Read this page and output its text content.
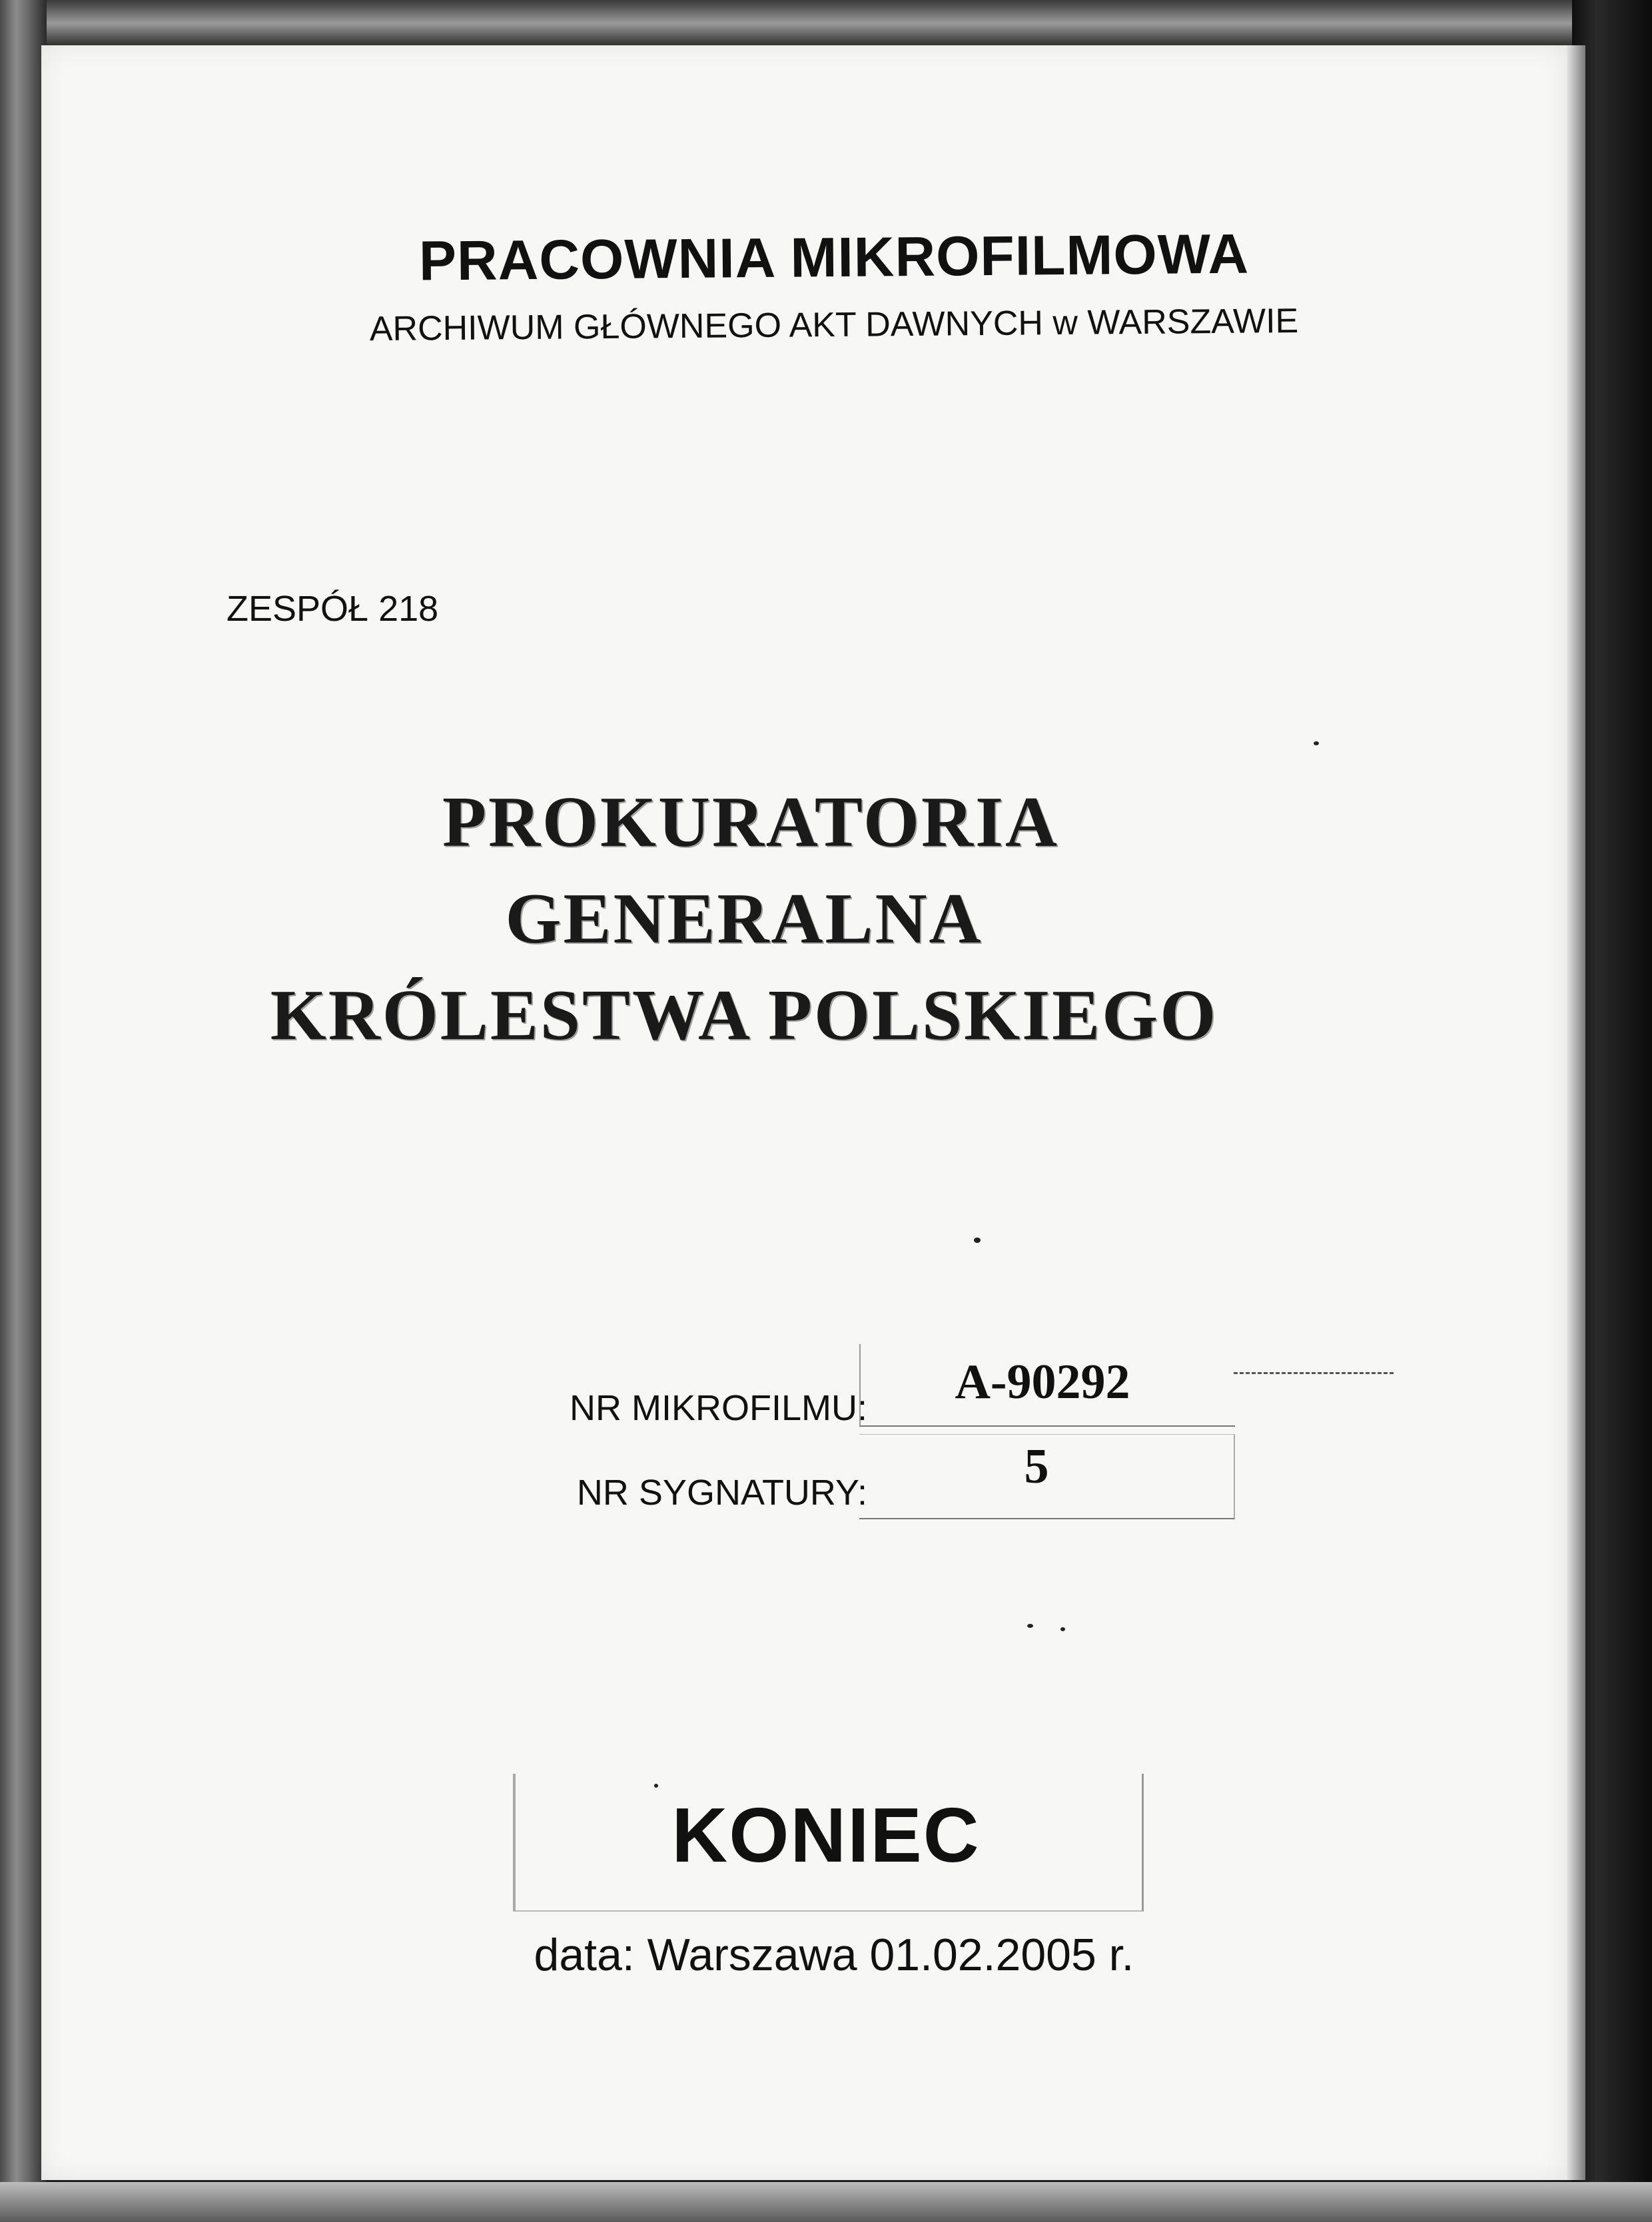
PRACOWNIA MIKROFILMOWA

ARCHIWUM GŁÓWNEGO AKT DAWNYCH w WARSZAWIE

ZESPÓŁ 218

PROKURATORIA

GENERALNA

KRÓLESTWA POLSKIEGO

NR MIKROFILMU:	A-90292

NR SYGNATURY:	5

KONIEC

data: Warszawa 01.02.2005 r.
